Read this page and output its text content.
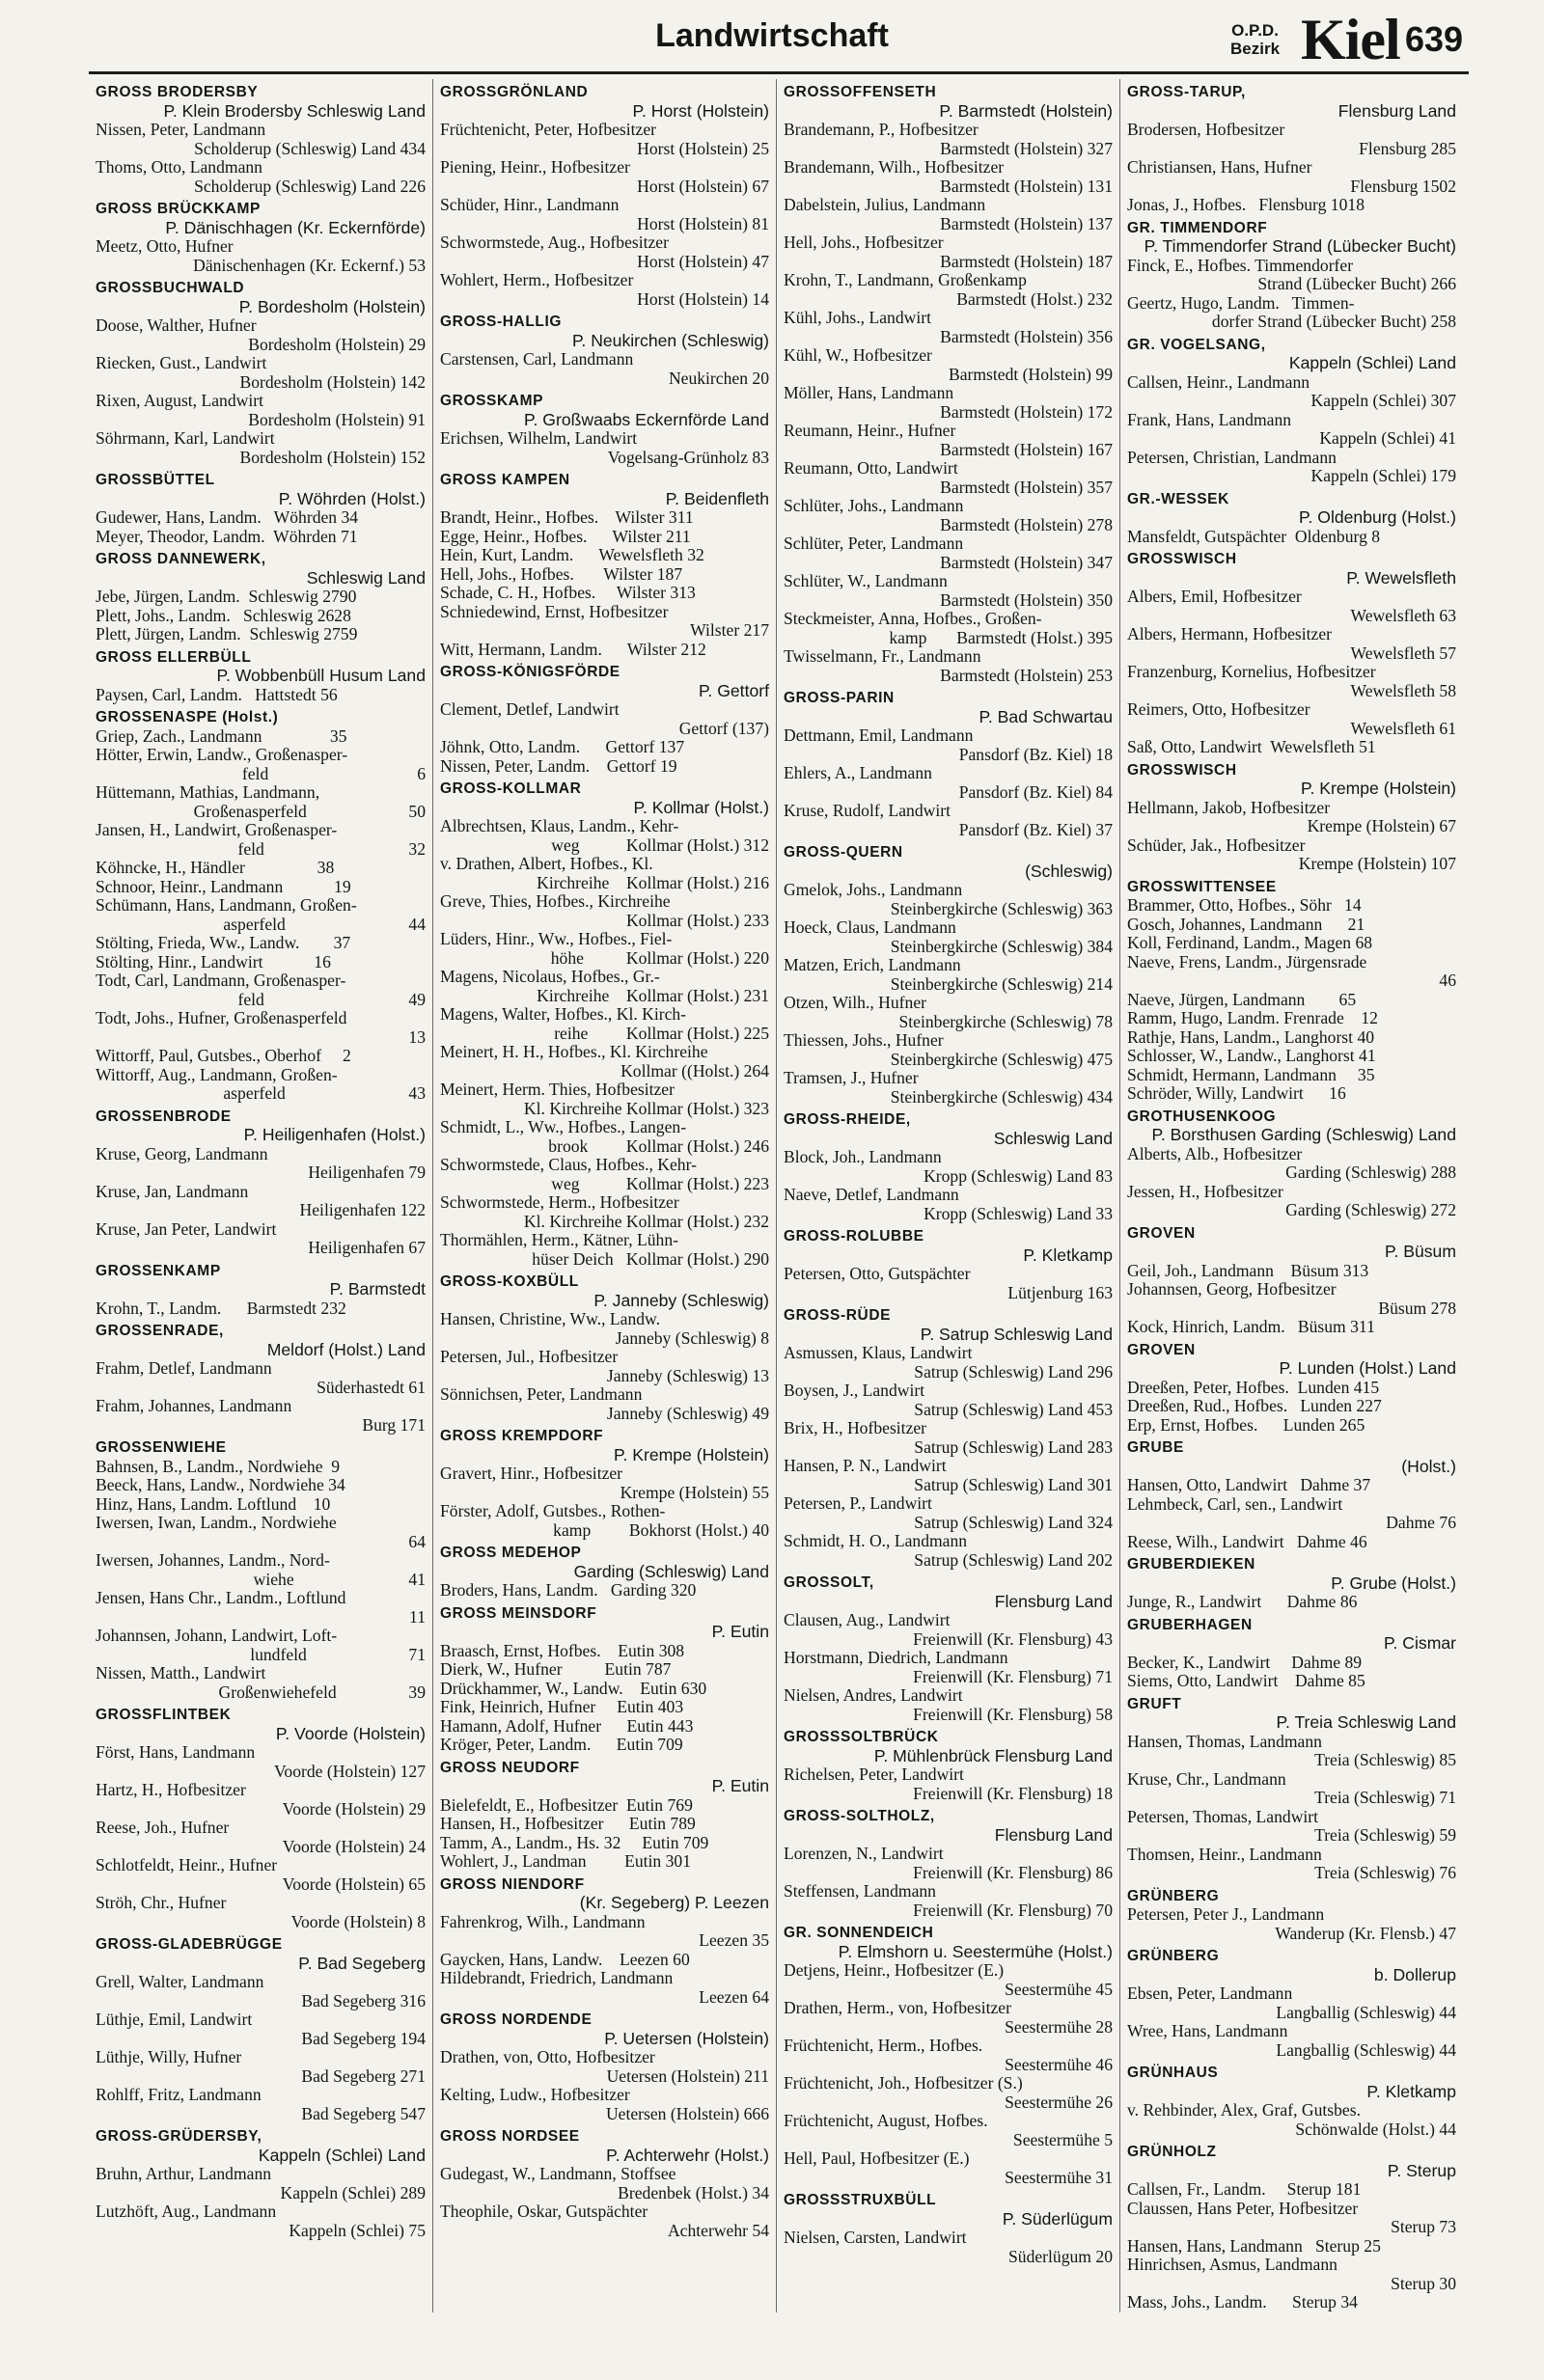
Landwirtschaft	O.P.D.
Bezirk Kiel 639
GROSS BRODERSBY
P. Klein Brodersby Schleswig Land
Nissen, Peter, Landmann
Scholderup (Schleswig) Land 434
Thoms, Otto, Landmann
Scholderup (Schleswig) Land 226
GROSS BRÜCKKAMP
P. Dänischhagen (Kr. Eckernförde)
Meetz, Otto, Hufner
Dänischenhagen (Kr. Eckernf.) 53
GROSSBUCHWALD
P. Bordesholm (Holstein)
Doose, Walther, Hufner
Bordesholm (Holstein) 29
Riecken, Gust., Landwirt
Bordesholm (Holstein) 142
Rixen, August, Landwirt
Bordesholm (Holstein) 91
Söhrmann, Karl, Landwirt
Bordesholm (Holstein) 152
GROSSBÜTTEL
P. Wöhrden (Holst.)
Gudewer, Hans, Landm.   Wöhrden 34
Meyer, Theodor, Landm.  Wöhrden 71
GROSS DANNEWERK,
Schleswig Land
Jebe, Jürgen, Landm.  Schleswig 2790
Plett, Johs., Landm.   Schleswig 2628
Plett, Jürgen, Landm.  Schleswig 2759
GROSS ELLERBÜLL
P. Wobbenbüll Husum Land
Paysen, Carl, Landm.   Hattstedt 56
GROSSENASPE (Holst.)
Griep, Zach., Landmann                35
Hötter, Erwin, Landw., Großenasper-
feld                                   6
Hüttemann, Mathias, Landmann,
Großenasperfeld                        50
Jansen, H., Landwirt, Großenasper-
feld                                  32
Köhncke, H., Händler                 38
Schnoor, Heinr., Landmann            19
Schümann, Hans, Landmann, Großen-
asperfeld                             44
Stölting, Frieda, Ww., Landw.        37
Stölting, Hinr., Landwirt            16
Todt, Carl, Landmann, Großenasper-
feld                                  49
Todt, Johs., Hufner, Großenasperfeld
13
Wittorff, Paul, Gutsbes., Oberhof     2
Wittorff, Aug., Landmann, Großen-
asperfeld                             43
GROSSENBRODE
P. Heiligenhafen (Holst.)
Kruse, Georg, Landmann
Heiligenhafen 79
Kruse, Jan, Landmann
Heiligenhafen 122
Kruse, Jan Peter, Landwirt
Heiligenhafen 67
GROSSENKAMP
P. Barmstedt
Krohn, T., Landm.      Barmstedt 232
GROSSENRADE,
Meldorf (Holst.) Land
Frahm, Detlef, Landmann
Süderhastedt 61
Frahm, Johannes, Landmann
Burg 171
GROSSENWIEHE
Bahnsen, B., Landm., Nordwiehe  9
Beeck, Hans, Landw., Nordwiehe 34
Hinz, Hans, Landm. Loftlund    10
Iwersen, Iwan, Landm., Nordwiehe
64
Iwersen, Johannes, Landm., Nord-
wiehe                           41
Jensen, Hans Chr., Landm., Loftlund
11
Johannsen, Johann, Landwirt, Loft-
lundfeld                        71
Nissen, Matth., Landwirt
Großenwiehefeld                 39
GROSSFLINTBEK
P. Voorde (Holstein)
Först, Hans, Landmann
Voorde (Holstein) 127
Hartz, H., Hofbesitzer
Voorde (Holstein) 29
Reese, Joh., Hufner
Voorde (Holstein) 24
Schlotfeldt, Heinr., Hufner
Voorde (Holstein) 65
Ströh, Chr., Hufner
Voorde (Holstein) 8
GROSS-GLADEBRÜGGE
P. Bad Segeberg
Grell, Walter, Landmann
Bad Segeberg 316
Lüthje, Emil, Landwirt
Bad Segeberg 194
Lüthje, Willy, Hufner
Bad Segeberg 271
Rohlff, Fritz, Landmann
Bad Segeberg 547
GROSS-GRÜDERSBY,
Kappeln (Schlei) Land
Bruhn, Arthur, Landmann
Kappeln (Schlei) 289
Lutzhöft, Aug., Landmann
Kappeln (Schlei) 75
GROSSGRÖNLAND
P. Horst (Holstein)
Früchtenicht, Peter, Hofbesitzer
Horst (Holstein) 25
Piening, Heinr., Hofbesitzer
Horst (Holstein) 67
Schüder, Hinr., Landmann
Horst (Holstein) 81
Schwormstede, Aug., Hofbesitzer
Horst (Holstein) 47
Wohlert, Herm., Hofbesitzer
Horst (Holstein) 14
GROSS-HALLIG
P. Neukirchen (Schleswig)
Carstensen, Carl, Landmann
Neukirchen 20
GROSSKAMP
P. Großwaabs Eckernförde Land
Erichsen, Wilhelm, Landwirt
Vogelsang-Grünholz 83
GROSS KAMPEN
P. Beidenfleth
Brandt, Heinr., Hofbes.    Wilster 311
Egge, Heinr., Hofbes.      Wilster 211
Hein, Kurt, Landm.      Wewelsfleth 32
Hell, Johs., Hofbes.       Wilster 187
Schade, C. H., Hofbes.     Wilster 313
Schniedewind, Ernst, Hofbesitzer
Wilster 217
Witt, Hermann, Landm.      Wilster 212
GROSS-KÖNIGSFÖRDE
P. Gettorf
Clement, Detlef, Landwirt
Gettorf (137)
Jöhnk, Otto, Landm.      Gettorf 137
Nissen, Peter, Landm.    Gettorf 19
GROSS-KOLLMAR
P. Kollmar (Holst.)
Albrechtsen, Klaus, Landm., Kehr-
weg           Kollmar (Holst.) 312
v. Drathen, Albert, Hofbes., Kl.
Kirchreihe    Kollmar (Holst.) 216
Greve, Thies, Hofbes., Kirchreihe
Kollmar (Holst.) 233
Lüders, Hinr., Ww., Hofbes., Fiel-
höhe          Kollmar (Holst.) 220
Magens, Nicolaus, Hofbes., Gr.-
Kirchreihe    Kollmar (Holst.) 231
Magens, Walter, Hofbes., Kl. Kirch-
reihe         Kollmar (Holst.) 225
Meinert, H. H., Hofbes., Kl. Kirchreihe
Kollmar ((Holst.) 264
Meinert, Herm. Thies, Hofbesitzer
Kl. Kirchreihe Kollmar (Holst.) 323
Schmidt, L., Ww., Hofbes., Langen-
brook         Kollmar (Holst.) 246
Schwormstede, Claus, Hofbes., Kehr-
weg           Kollmar (Holst.) 223
Schwormstede, Herm., Hofbesitzer
Kl. Kirchreihe Kollmar (Holst.) 232
Thormählen, Herm., Kätner, Lühn-
hüser Deich   Kollmar (Holst.) 290
GROSS-KOXBÜLL
P. Janneby (Schleswig)
Hansen, Christine, Ww., Landw.
Janneby (Schleswig) 8
Petersen, Jul., Hofbesitzer
Janneby (Schleswig) 13
Sönnichsen, Peter, Landmann
Janneby (Schleswig) 49
GROSS KREMPDORF
P. Krempe (Holstein)
Gravert, Hinr., Hofbesitzer
Krempe (Holstein) 55
Förster, Adolf, Gutsbes., Rothen-
kamp         Bokhorst (Holst.) 40
GROSS MEDEHOP
Garding (Schleswig) Land
Broders, Hans, Landm.   Garding 320
GROSS MEINSDORF
P. Eutin
Braasch, Ernst, Hofbes.    Eutin 308
Dierk, W., Hufner          Eutin 787
Drückhammer, W., Landw.    Eutin 630
Fink, Heinrich, Hufner     Eutin 403
Hamann, Adolf, Hufner      Eutin 443
Kröger, Peter, Landm.      Eutin 709
GROSS NEUDORF
P. Eutin
Bielefeldt, E., Hofbesitzer  Eutin 769
Hansen, H., Hofbesitzer      Eutin 789
Tamm, A., Landm., Hs. 32     Eutin 709
Wohlert, J., Landman         Eutin 301
GROSS NIENDORF
(Kr. Segeberg) P. Leezen
Fahrenkrog, Wilh., Landmann
Leezen 35
Gaycken, Hans, Landw.    Leezen 60
Hildebrandt, Friedrich, Landmann
Leezen 64
GROSS NORDENDE
P. Uetersen (Holstein)
Drathen, von, Otto, Hofbesitzer
Uetersen (Holstein) 211
Kelting, Ludw., Hofbesitzer
Uetersen (Holstein) 666
GROSS NORDSEE
P. Achterwehr (Holst.)
Gudegast, W., Landmann, Stoffsee
Bredenbek (Holst.) 34
Theophile, Oskar, Gutspächter
Achterwehr 54
GROSSOFFENSETH
P. Barmstedt (Holstein)
Brandemann, P., Hofbesitzer
Barmstedt (Holstein) 327
Brandemann, Wilh., Hofbesitzer
Barmstedt (Holstein) 131
Dabelstein, Julius, Landmann
Barmstedt (Holstein) 137
Hell, Johs., Hofbesitzer
Barmstedt (Holstein) 187
Krohn, T., Landmann, Großenkamp
Barmstedt (Holst.) 232
Kühl, Johs., Landwirt
Barmstedt (Holstein) 356
Kühl, W., Hofbesitzer
Barmstedt (Holstein) 99
Möller, Hans, Landmann
Barmstedt (Holstein) 172
Reumann, Heinr., Hufner
Barmstedt (Holstein) 167
Reumann, Otto, Landwirt
Barmstedt (Holstein) 357
Schlüter, Johs., Landmann
Barmstedt (Holstein) 278
Schlüter, Peter, Landmann
Barmstedt (Holstein) 347
Schlüter, W., Landmann
Barmstedt (Holstein) 350
Steckmeister, Anna, Hofbes., Großen-
kamp       Barmstedt (Holst.) 395
Twisselmann, Fr., Landmann
Barmstedt (Holstein) 253
GROSS-PARIN
P. Bad Schwartau
Dettmann, Emil, Landmann
Pansdorf (Bz. Kiel) 18
Ehlers, A., Landmann
Pansdorf (Bz. Kiel) 84
Kruse, Rudolf, Landwirt
Pansdorf (Bz. Kiel) 37
GROSS-QUERN
(Schleswig)
Gmelok, Johs., Landmann
Steinbergkirche (Schleswig) 363
Hoeck, Claus, Landmann
Steinbergkirche (Schleswig) 384
Matzen, Erich, Landmann
Steinbergkirche (Schleswig) 214
Otzen, Wilh., Hufner
Steinbergkirche (Schleswig) 78
Thiessen, Johs., Hufner
Steinbergkirche (Schleswig) 475
Tramsen, J., Hufner
Steinbergkirche (Schleswig) 434
GROSS-RHEIDE,
Schleswig Land
Block, Joh., Landmann
Kropp (Schleswig) Land 83
Naeve, Detlef, Landmann
Kropp (Schleswig) Land 33
GROSS-ROLUBBE
P. Kletkamp
Petersen, Otto, Gutspächter
Lütjenburg 163
GROSS-RÜDE
P. Satrup Schleswig Land
Asmussen, Klaus, Landwirt
Satrup (Schleswig) Land 296
Boysen, J., Landwirt
Satrup (Schleswig) Land 453
Brix, H., Hofbesitzer
Satrup (Schleswig) Land 283
Hansen, P. N., Landwirt
Satrup (Schleswig) Land 301
Petersen, P., Landwirt
Satrup (Schleswig) Land 324
Schmidt, H. O., Landmann
Satrup (Schleswig) Land 202
GROSSOLT,
Flensburg Land
Clausen, Aug., Landwirt
Freienwill (Kr. Flensburg) 43
Horstmann, Diedrich, Landmann
Freienwill (Kr. Flensburg) 71
Nielsen, Andres, Landwirt
Freienwill (Kr. Flensburg) 58
GROSSSOLTBRÜCK
P. Mühlenbrück Flensburg Land
Richelsen, Peter, Landwirt
Freienwill (Kr. Flensburg) 18
GROSS-SOLTHOLZ,
Flensburg Land
Lorenzen, N., Landwirt
Freienwill (Kr. Flensburg) 86
Steffensen, Landmann
Freienwill (Kr. Flensburg) 70
GR. SONNENDEICH
P. Elmshorn u. Seestermühe (Holst.)
Detjens, Heinr., Hofbesitzer (E.)
Seestermühe 45
Drathen, Herm., von, Hofbesitzer
Seestermühe 28
Früchtenicht, Herm., Hofbes.
Seestermühe 46
Früchtenicht, Joh., Hofbesitzer (S.)
Seestermühe 26
Früchtenicht, August, Hofbes.
Seestermühe 5
Hell, Paul, Hofbesitzer (E.)
Seestermühe 31
GROSSSTRUXBÜLL
P. Süderlügum
Nielsen, Carsten, Landwirt
Süderlügum 20
GROSS-TARUP,
Flensburg Land
Brodersen, Hofbesitzer
Flensburg 285
Christiansen, Hans, Hufner
Flensburg 1502
Jonas, J., Hofbes.   Flensburg 1018
GR. TIMMENDORF
P. Timmendorfer Strand (Lübecker Bucht)
Finck, E., Hofbes. Timmendorfer
Strand (Lübecker Bucht) 266
Geertz, Hugo, Landm.   Timmen-
dorfer Strand (Lübecker Bucht) 258
GR. VOGELSANG,
Kappeln (Schlei) Land
Callsen, Heinr., Landmann
Kappeln (Schlei) 307
Frank, Hans, Landmann
Kappeln (Schlei) 41
Petersen, Christian, Landmann
Kappeln (Schlei) 179
GR.-WESSEK
P. Oldenburg (Holst.)
Mansfeldt, Gutspächter  Oldenburg 8
GROSSWISCH
P. Wewelsfleth
Albers, Emil, Hofbesitzer
Wewelsfleth 63
Albers, Hermann, Hofbesitzer
Wewelsfleth 57
Franzenburg, Kornelius, Hofbesitzer
Wewelsfleth 58
Reimers, Otto, Hofbesitzer
Wewelsfleth 61
Saß, Otto, Landwirt  Wewelsfleth 51
GROSSWISCH
P. Krempe (Holstein)
Hellmann, Jakob, Hofbesitzer
Krempe (Holstein) 67
Schüder, Jak., Hofbesitzer
Krempe (Holstein) 107
GROSSWITTENSEE
Brammer, Otto, Hofbes., Söhr   14
Gosch, Johannes, Landmann      21
Koll, Ferdinand, Landm., Magen 68
Naeve, Frens, Landm., Jürgensrade
46
Naeve, Jürgen, Landmann        65
Ramm, Hugo, Landm. Frenrade    12
Rathje, Hans, Landm., Langhorst 40
Schlosser, W., Landw., Langhorst 41
Schmidt, Hermann, Landmann     35
Schröder, Willy, Landwirt      16
GROTHUSENKOOG
P. Borsthusen Garding (Schleswig) Land
Alberts, Alb., Hofbesitzer
Garding (Schleswig) 288
Jessen, H., Hofbesitzer
Garding (Schleswig) 272
GROVEN
P. Büsum
Geil, Joh., Landmann    Büsum 313
Johannsen, Georg, Hofbesitzer
Büsum 278
Kock, Hinrich, Landm.   Büsum 311
GROVEN
P. Lunden (Holst.) Land
Dreeßen, Peter, Hofbes.  Lunden 415
Dreeßen, Rud., Hofbes.   Lunden 227
Erp, Ernst, Hofbes.      Lunden 265
GRUBE
(Holst.)
Hansen, Otto, Landwirt   Dahme 37
Lehmbeck, Carl, sen., Landwirt
Dahme 76
Reese, Wilh., Landwirt   Dahme 46
GRUBERDIEKEN
P. Grube (Holst.)
Junge, R., Landwirt      Dahme 86
GRUBERHAGEN
P. Cismar
Becker, K., Landwirt     Dahme 89
Siems, Otto, Landwirt    Dahme 85
GRUFT
P. Treia Schleswig Land
Hansen, Thomas, Landmann
Treia (Schleswig) 85
Kruse, Chr., Landmann
Treia (Schleswig) 71
Petersen, Thomas, Landwirt
Treia (Schleswig) 59
Thomsen, Heinr., Landmann
Treia (Schleswig) 76
GRÜNBERG
Petersen, Peter J., Landmann
Wanderup (Kr. Flensb.) 47
GRÜNBERG
b. Dollerup
Ebsen, Peter, Landmann
Langballig (Schleswig) 44
Wree, Hans, Landmann
Langballig (Schleswig) 44
GRÜNHAUS
P. Kletkamp
v. Rehbinder, Alex, Graf, Gutsbes.
Schönwalde (Holst.) 44
GRÜNHOLZ
P. Sterup
Callsen, Fr., Landm.     Sterup 181
Claussen, Hans Peter, Hofbesitzer
Sterup 73
Hansen, Hans, Landmann   Sterup 25
Hinrichsen, Asmus, Landmann
Sterup 30
Mass, Johs., Landm.      Sterup 34
